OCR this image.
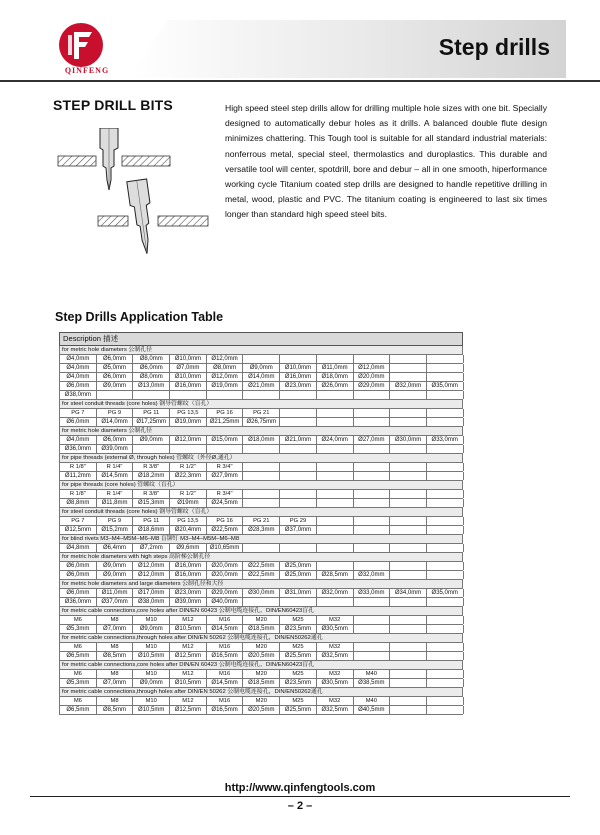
QINFENG
Step drills
STEP DRILL BITS	High speed steel step drills allow for drilling multiple hole sizes with one bit. Specially designed to automatically debur holes as it drills. A balanced double flute design minimizes chattering. This Tough tool is suitable for all standard industrial materials: nonferrous metal, special steel, thermolastics and duroplastics. This durable and versatile tool will center, spotdrill, bore and debur – all in one smooth, hiperformance working cycle Titanium coated step drills are designed to handle repetitive drilling in metal, wood, plastic and PVC. The titanium coating is engineered to last six times longer than standard high speed steel bits.

Step Drills Application Table
Description 描述
for metric hole diameters 公制孔径
Ø4,0mm	Ø6,0mm	Ø8,0mm	Ø10,0mm	Ø12,0mm
Ø4,0mm	Ø5,0mm	Ø6,0mm	Ø7,0mm	Ø8,0mm	Ø9,0mm	Ø10,0mm	Ø11,0mm	Ø12,0mm
Ø4,0mm	Ø6,0mm	Ø8,0mm	Ø10,0mm	Ø12,0mm	Ø14,0mm	Ø16,0mm	Ø18,0mm	Ø20,0mm
Ø6,0mm	Ø9,0mm	Ø13,0mm	Ø16,0mm	Ø19,0mm	Ø21,0mm	Ø23,0mm	Ø26,0mm	Ø29,0mm	Ø32,0mm	Ø35,0mm
Ø38,0mm
for steel conduit threads (core holes) 钢导管螺纹（盲孔）
PG 7	PG 9	PG 11	PG 13,5	PG 16	PG 21
Ø6,0mm	Ø14,0mm	Ø17,25mm	Ø19,0mm	Ø21,25mm	Ø26,75mm
for metric hole diameters 公制孔径
Ø4,0mm	Ø6,0mm	Ø9,0mm	Ø12,0mm	Ø15,0mm	Ø18,0mm	Ø21,0mm	Ø24,0mm	Ø27,0mm	Ø30,0mm	Ø33,0mm
Ø36,0mm	Ø39,0mm
for pipe threads (external Ø, through holes) 管螺纹（外径Ø,通孔）
R 1/8"	R 1/4"	R 3/8"	R 1/2"	R 3/4"
Ø11,2mm	Ø14,5mm	Ø18,2mm	Ø22,3mm	Ø27,9mm
for pipe threads (core holes) 管螺纹（盲孔）
R 1/8"	R 1/4"	R 3/8"	R 1/2"	R 3/4"
Ø8,8mm	Ø11,8mm	Ø15,3mm	Ø19mm	Ø24,5mm
for steel conduit threads (core holes) 钢导管螺纹（盲孔）
PG 7	PG 9	PG 11	PG 13,5	PG 16	PG 21	PG 29
Ø12,5mm	Ø15,2mm	Ø18,6mm	Ø20,4mm	Ø22,5mm	Ø28,3mm	Ø37,0mm
for blind rivets M3–M4–M5M–M6–M8 盲铆钉 M3–M4–M5M–M6–M8
Ø4,8mm	Ø6,4mm	Ø7,2mm	Ø9,6mm	Ø10,65mm
for metric hole diameters with high steps 高阶梯公制孔径
Ø6,0mm	Ø9,0mm	Ø12,0mm	Ø16,0mm	Ø20,0mm	Ø22,5mm	Ø25,0mm
Ø6,0mm	Ø9,0mm	Ø12,0mm	Ø16,0mm	Ø20,0mm	Ø22,5mm	Ø25,0mm	Ø28,5mm	Ø32,0mm
for metric hole diameters and large diameters 公制孔径和大径
Ø6,0mm	Ø11,0mm	Ø17,0mm	Ø23,0mm	Ø29,0mm	Ø30,0mm	Ø31,0mm	Ø32,0mm	Ø33,0mm	Ø34,0mm	Ø35,0mm
Ø36,0mm	Ø37,0mm	Ø38,0mm	Ø39,0mm	Ø40,0mm
for metric cable connections,core holes after DIN/EN 60423 公制电缆连接孔，DIN/EN60423盲孔
M6	M8	M10	M12	M16	M20	M25	M32
Ø5,3mm	Ø7,0mm	Ø9,0mm	Ø10,5mm	Ø14,5mm	Ø18,5mm	Ø23,5mm	Ø30,5mm
for metric cable connections,through holes after DIN/EN 50262 公制电缆连接孔，DIN/EN50262通孔
M6	M8	M10	M12	M16	M20	M25	M32
Ø6,5mm	Ø8,5mm	Ø10,5mm	Ø12,5mm	Ø16,5mm	Ø20,5mm	Ø25,5mm	Ø32,5mm
for metric cable connections,core holes after DIN/EN 60423 公制电缆连接孔，DIN/EN60423盲孔
M6	M8	M10	M12	M16	M20	M25	M32	M40
Ø5,3mm	Ø7,0mm	Ø9,0mm	Ø10,5mm	Ø14,5mm	Ø18,5mm	Ø23,5mm	Ø30,5mm	Ø38,5mm
for metric cable connections,through holes after DIN/EN 50262 公制电缆连接孔，DIN/EN50262通孔
M6	M8	M10	M12	M16	M20	M25	M32	M40
Ø6,5mm	Ø8,5mm	Ø10,5mm	Ø12,5mm	Ø16,5mm	Ø20,5mm	Ø25,5mm	Ø32,5mm	Ø40,5mm
http://www.qinfengtools.com
– 2 –
